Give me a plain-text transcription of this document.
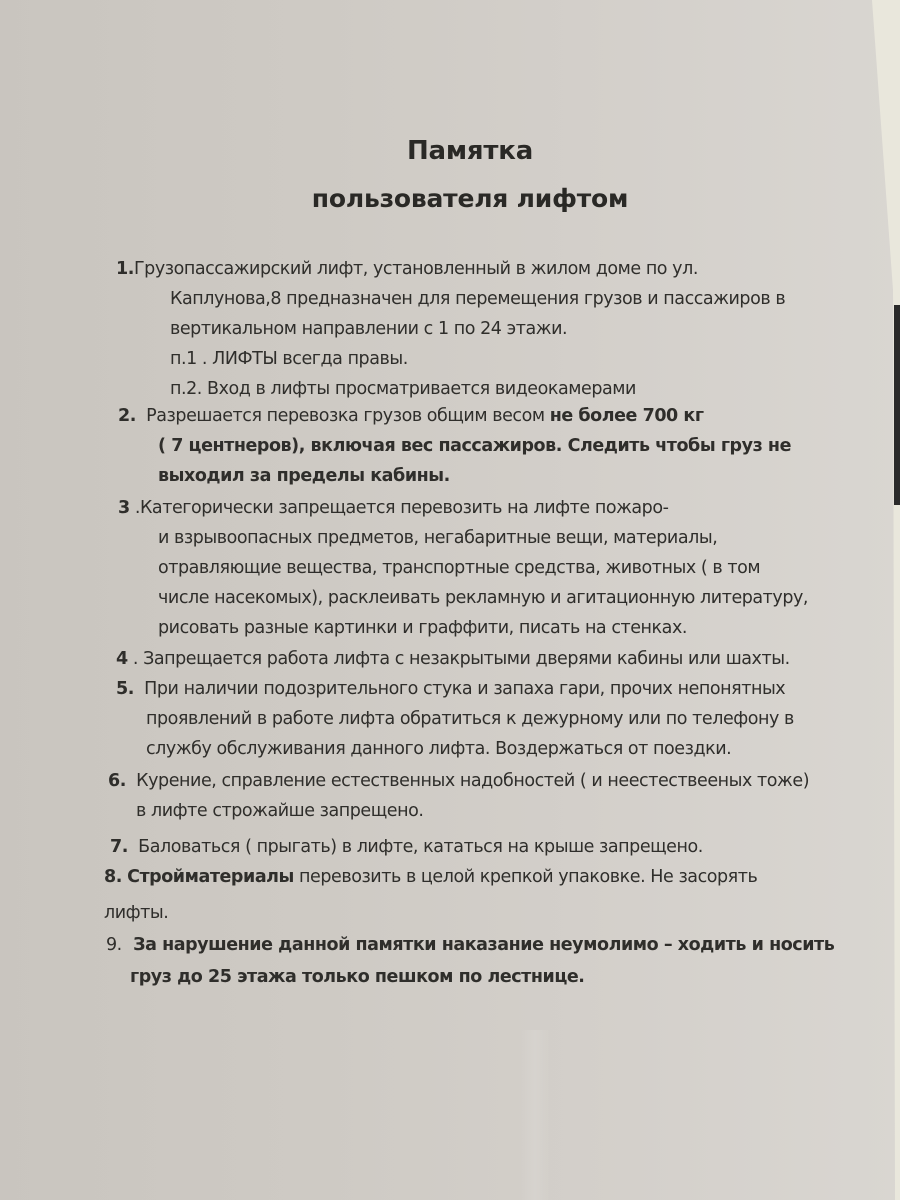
Памятка
пользователя лифтом
1.Грузопассажирский лифт, установленный в жилом доме по ул.
Каплунова,8 предназначен для перемещения грузов и пассажиров в
вертикальном направлении с 1 по 24 этажи.
п.1 . ЛИФТЫ всегда правы.
п.2. Вход в лифты просматривается видеокамерами
2. Разрешается перевозка грузов общим весом не более 700 кг
( 7 центнеров), включая вес пассажиров. Следить чтобы груз не
выходил за пределы кабины.
3 .Категорически запрещается перевозить на лифте пожаро-
и взрывоопасных предметов, негабаритные вещи, материалы,
отравляющие вещества, транспортные средства, животных ( в том
числе насекомых), расклеивать рекламную и агитационную литературу,
рисовать разные картинки и граффити, писать на стенках.
4 . Запрещается работа лифта с незакрытыми дверями кабины или шахты.
5. При наличии подозрительного стука и запаха гари, прочих непонятных
проявлений в работе лифта обратиться к дежурному или по телефону в
службу обслуживания данного лифта. Воздержаться от поездки.
6. Курение, справление естественных надобностей ( и неестествееных тоже)
в лифте строжайше запрещено.
7. Баловаться ( прыгать) в лифте, кататься на крыше запрещено.
8. Стройматериалы перевозить в целой крепкой упаковке. Не засорять
лифты.
9. За нарушение данной памятки наказание неумолимо – ходить и носить
груз до 25 этажа только пешком по лестнице.
